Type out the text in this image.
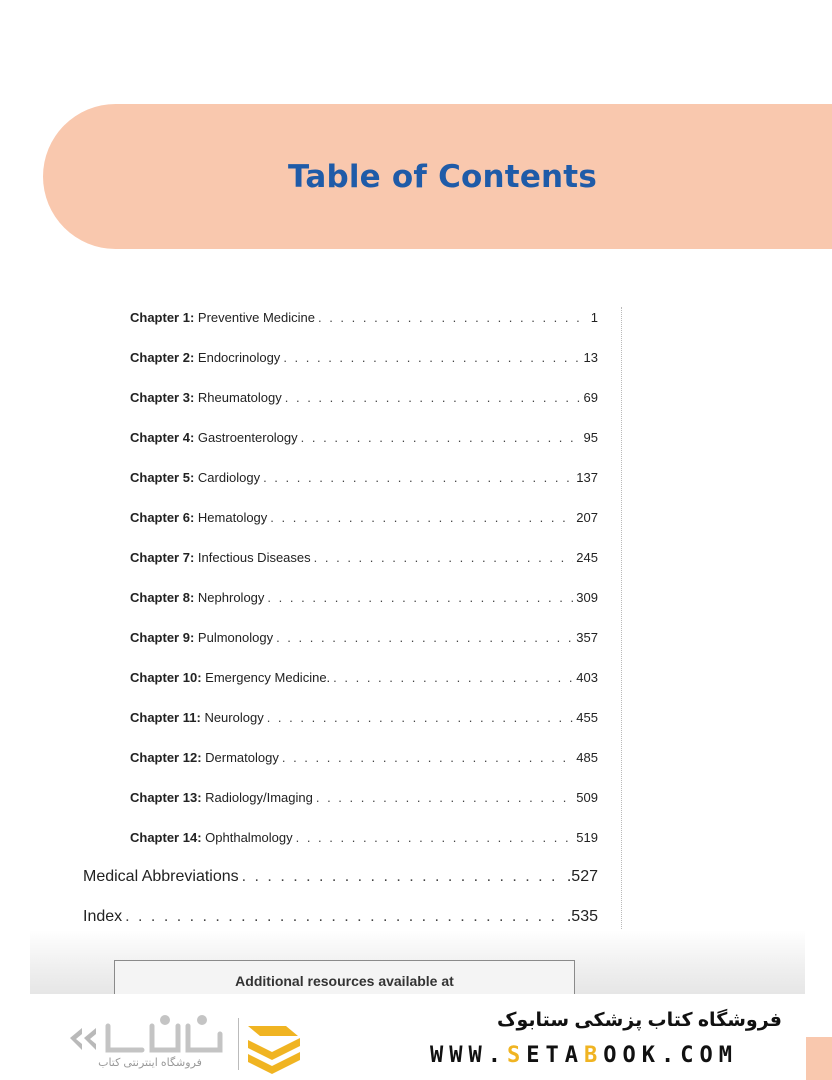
Table of Contents
Chapter 1: Preventive Medicine . . .	1
Chapter 2: Endocrinology . . .	13
Chapter 3: Rheumatology . . .	69
Chapter 4: Gastroenterology . . .	95
Chapter 5: Cardiology . . .	137
Chapter 6: Hematology . . .	207
Chapter 7: Infectious Diseases . . .	245
Chapter 8: Nephrology . . .	309
Chapter 9: Pulmonology . . .	357
Chapter 10: Emergency Medicine. . . .	403
Chapter 11: Neurology . . .	455
Chapter 12: Dermatology . . .	485
Chapter 13: Radiology/Imaging . . .	509
Chapter 14: Ophthalmology . . .	519
Medical Abbreviations . . .	.527
Index . . .	.535
Additional resources available at
فروشگاه اینترنتی کتاب
فروشگاه کتاب پزشکی ستابوک
WWW.SETABOOK.COM
